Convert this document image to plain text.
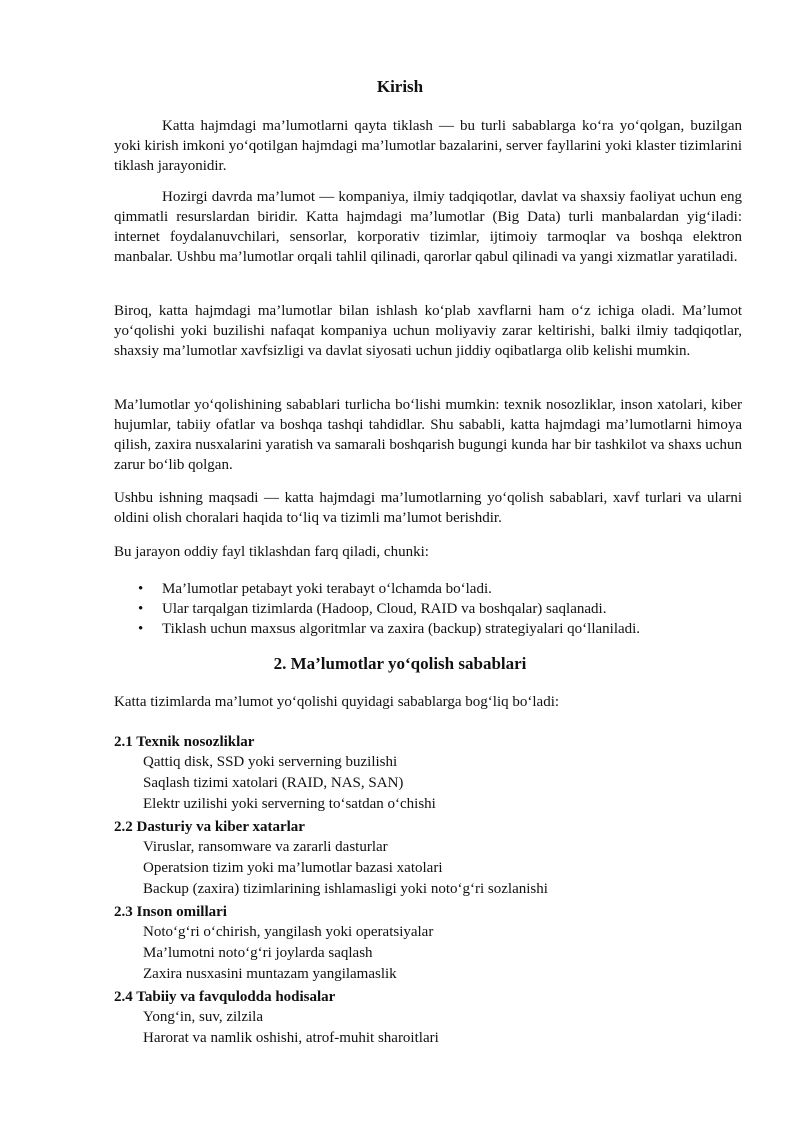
Kirish

Katta hajmdagi ma’lumotlarni qayta tiklash — bu turli sabablarga ko‘ra yo‘qolgan, buzilgan yoki kirish imkoni yo‘qotilgan hajmdagi ma’lumotlar bazalarini, server fayllarini yoki klaster tizimlarini tiklash jarayonidir.

Hozirgi davrda ma’lumot — kompaniya, ilmiy tadqiqotlar, davlat va shaxsiy faoliyat uchun eng qimmatli resurslardan biridir. Katta hajmdagi ma’lumotlar (Big Data) turli manbalardan yig‘iladi: internet foydalanuvchilari, sensorlar, korporativ tizimlar, ijtimoiy tarmoqlar va boshqa elektron manbalar. Ushbu ma’lumotlar orqali tahlil qilinadi, qarorlar qabul qilinadi va yangi xizmatlar yaratiladi.

Biroq, katta hajmdagi ma’lumotlar bilan ishlash ko‘plab xavflarni ham o‘z ichiga oladi. Ma’lumot yo‘qolishi yoki buzilishi nafaqat kompaniya uchun moliyaviy zarar keltirishi, balki ilmiy tadqiqotlar, shaxsiy ma’lumotlar xavfsizligi va davlat siyosati uchun jiddiy oqibatlarga olib kelishi mumkin.

Ma’lumotlar yo‘qolishining sabablari turlicha bo‘lishi mumkin: texnik nosozliklar, inson xatolari, kiber hujumlar, tabiiy ofatlar va boshqa tashqi tahdidlar. Shu sababli, katta hajmdagi ma’lumotlarni himoya qilish, zaxira nusxalarini yaratish va samarali boshqarish bugungi kunda har bir tashkilot va shaxs uchun zarur bo‘lib qolgan.

Ushbu ishning maqsadi — katta hajmdagi ma’lumotlarning yo‘qolish sabablari, xavf turlari va ularni oldini olish choralari haqida to‘liq va tizimli ma’lumot berishdir.

Bu jarayon oddiy fayl tiklashdan farq qiladi, chunki:

• Ma’lumotlar petabayt yoki terabayt o‘lchamda bo‘ladi.
• Ular tarqalgan tizimlarda (Hadoop, Cloud, RAID va boshqalar) saqlanadi.
• Tiklash uchun maxsus algoritmlar va zaxira (backup) strategiyalari qo‘llaniladi.
2. Ma’lumotlar yo‘qolish sabablari

Katta tizimlarda ma’lumot yo‘qolishi quyidagi sabablarga bog‘liq bo‘ladi:

2.1 Texnik nosozliklar
Qattiq disk, SSD yoki serverning buzilishi
Saqlash tizimi xatolari (RAID, NAS, SAN)
Elektr uzilishi yoki serverning to‘satdan o‘chishi
2.2 Dasturiy va kiber xatarlar
Viruslar, ransomware va zararli dasturlar
Operatsion tizim yoki ma’lumotlar bazasi xatolari
Backup (zaxira) tizimlarining ishlamasligi yoki noto‘g‘ri sozlanishi
2.3 Inson omillari
Noto‘g‘ri o‘chirish, yangilash yoki operatsiyalar
Ma’lumotni noto‘g‘ri joylarda saqlash
Zaxira nusxasini muntazam yangilamaslik
2.4 Tabiiy va favqulodda hodisalar
Yong‘in, suv, zilzila
Harorat va namlik oshishi, atrof-muhit sharoitlari
